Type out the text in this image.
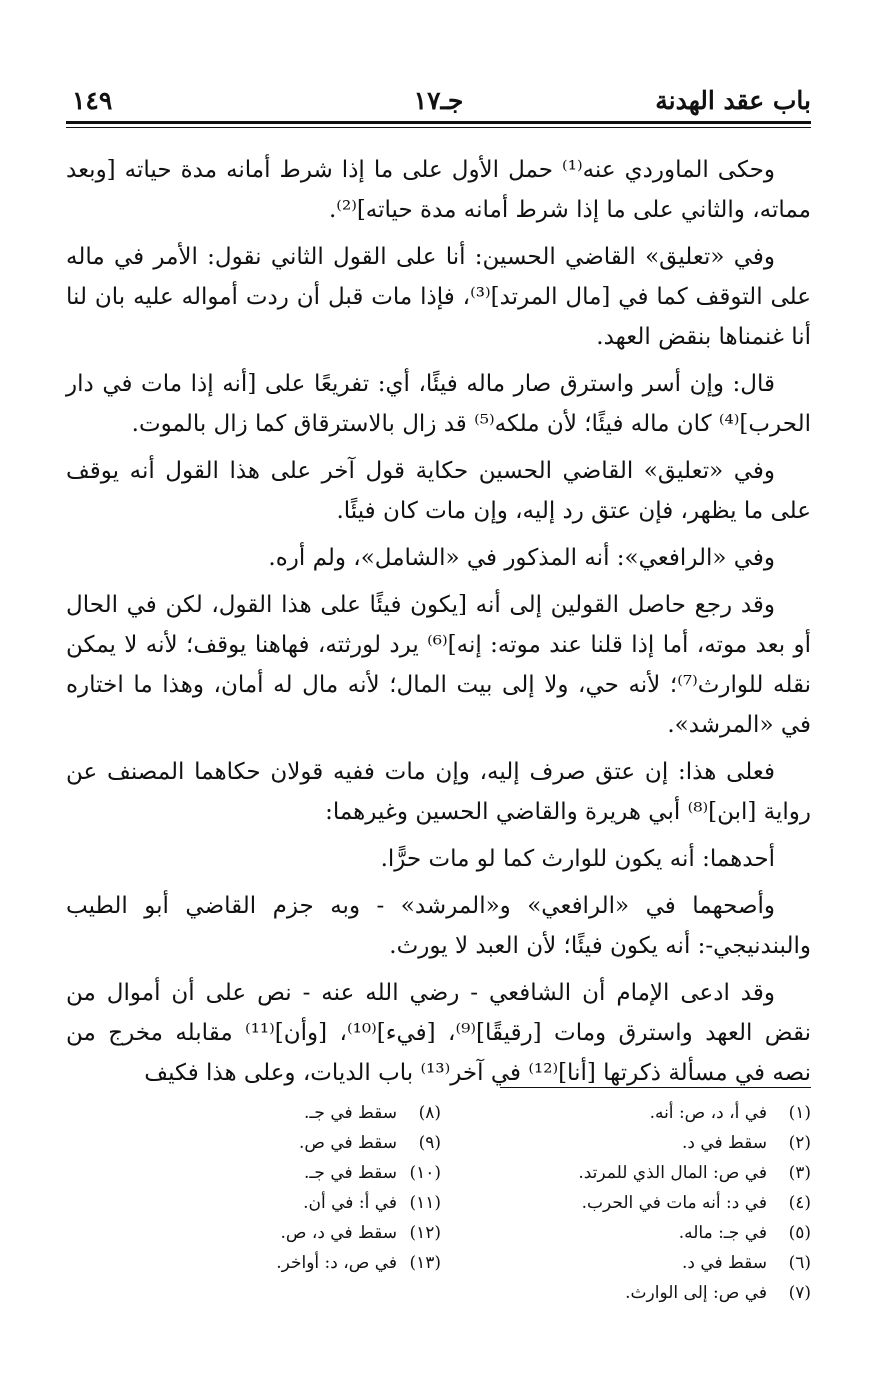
باب عقد الهدنة
جـ١٧
١٤٩

وحكى الماوردي عنه⁽¹⁾ حمل الأول على ما إذا شرط أمانه مدة حياته [وبعد مماته، والثاني على ما إذا شرط أمانه مدة حياته]⁽²⁾.

وفي «تعليق» القاضي الحسين: أنا على القول الثاني نقول: الأمر في ماله على التوقف كما في [مال المرتد]⁽³⁾، فإذا مات قبل أن ردت أمواله عليه بان لنا أنا غنمناها بنقض العهد.

قال: وإن أسر واسترق صار ماله فيئًا، أي: تفريعًا على [أنه إذا مات في دار الحرب]⁽⁴⁾ كان ماله فيئًا؛ لأن ملكه⁽⁵⁾ قد زال بالاسترقاق كما زال بالموت.

وفي «تعليق» القاضي الحسين حكاية قول آخر على هذا القول أنه يوقف على ما يظهر، فإن عتق رد إليه، وإن مات كان فيئًا.

وفي «الرافعي»: أنه المذكور في «الشامل»، ولم أره.

وقد رجع حاصل القولين إلى أنه [يكون فيئًا على هذا القول، لكن في الحال أو بعد موته، أما إذا قلنا عند موته: إنه]⁽⁶⁾ يرد لورثته، فهاهنا يوقف؛ لأنه لا يمكن نقله للوارث⁽⁷⁾؛ لأنه حي، ولا إلى بيت المال؛ لأنه مال له أمان، وهذا ما اختاره في «المرشد».

فعلى هذا: إن عتق صرف إليه، وإن مات ففيه قولان حكاهما المصنف عن رواية [ابن]⁽⁸⁾ أبي هريرة والقاضي الحسين وغيرهما:

أحدهما: أنه يكون للوارث كما لو مات حرًّا.

وأصحهما في «الرافعي» و«المرشد» - وبه جزم القاضي أبو الطيب والبندنيجي-: أنه يكون فيئًا؛ لأن العبد لا يورث.

وقد ادعى الإمام أن الشافعي - رضي الله عنه - نص على أن أموال من نقض العهد واسترق ومات [رقيقًا]⁽⁹⁾، [فيء]⁽¹⁰⁾، [وأن]⁽¹¹⁾ مقابله مخرج من نصه في مسألة ذكرتها [أنا]⁽¹²⁾ في آخر⁽¹³⁾ باب الديات، وعلى هذا فكيف

(١)في أ، د، ص: أنه.
(٢)سقط في د.
(٣)في ص: المال الذي للمرتد.
(٤)في د: أنه مات في الحرب.
(٥)في جـ: ماله.
(٦)سقط في د.
(٧)في ص: إلى الوارث.
(٨)سقط في جـ.
(٩)سقط في ص.
(١٠)سقط في جـ.
(١١)في أ: في أن.
(١٢)سقط في د، ص.
(١٣)في ص، د: أواخر.
